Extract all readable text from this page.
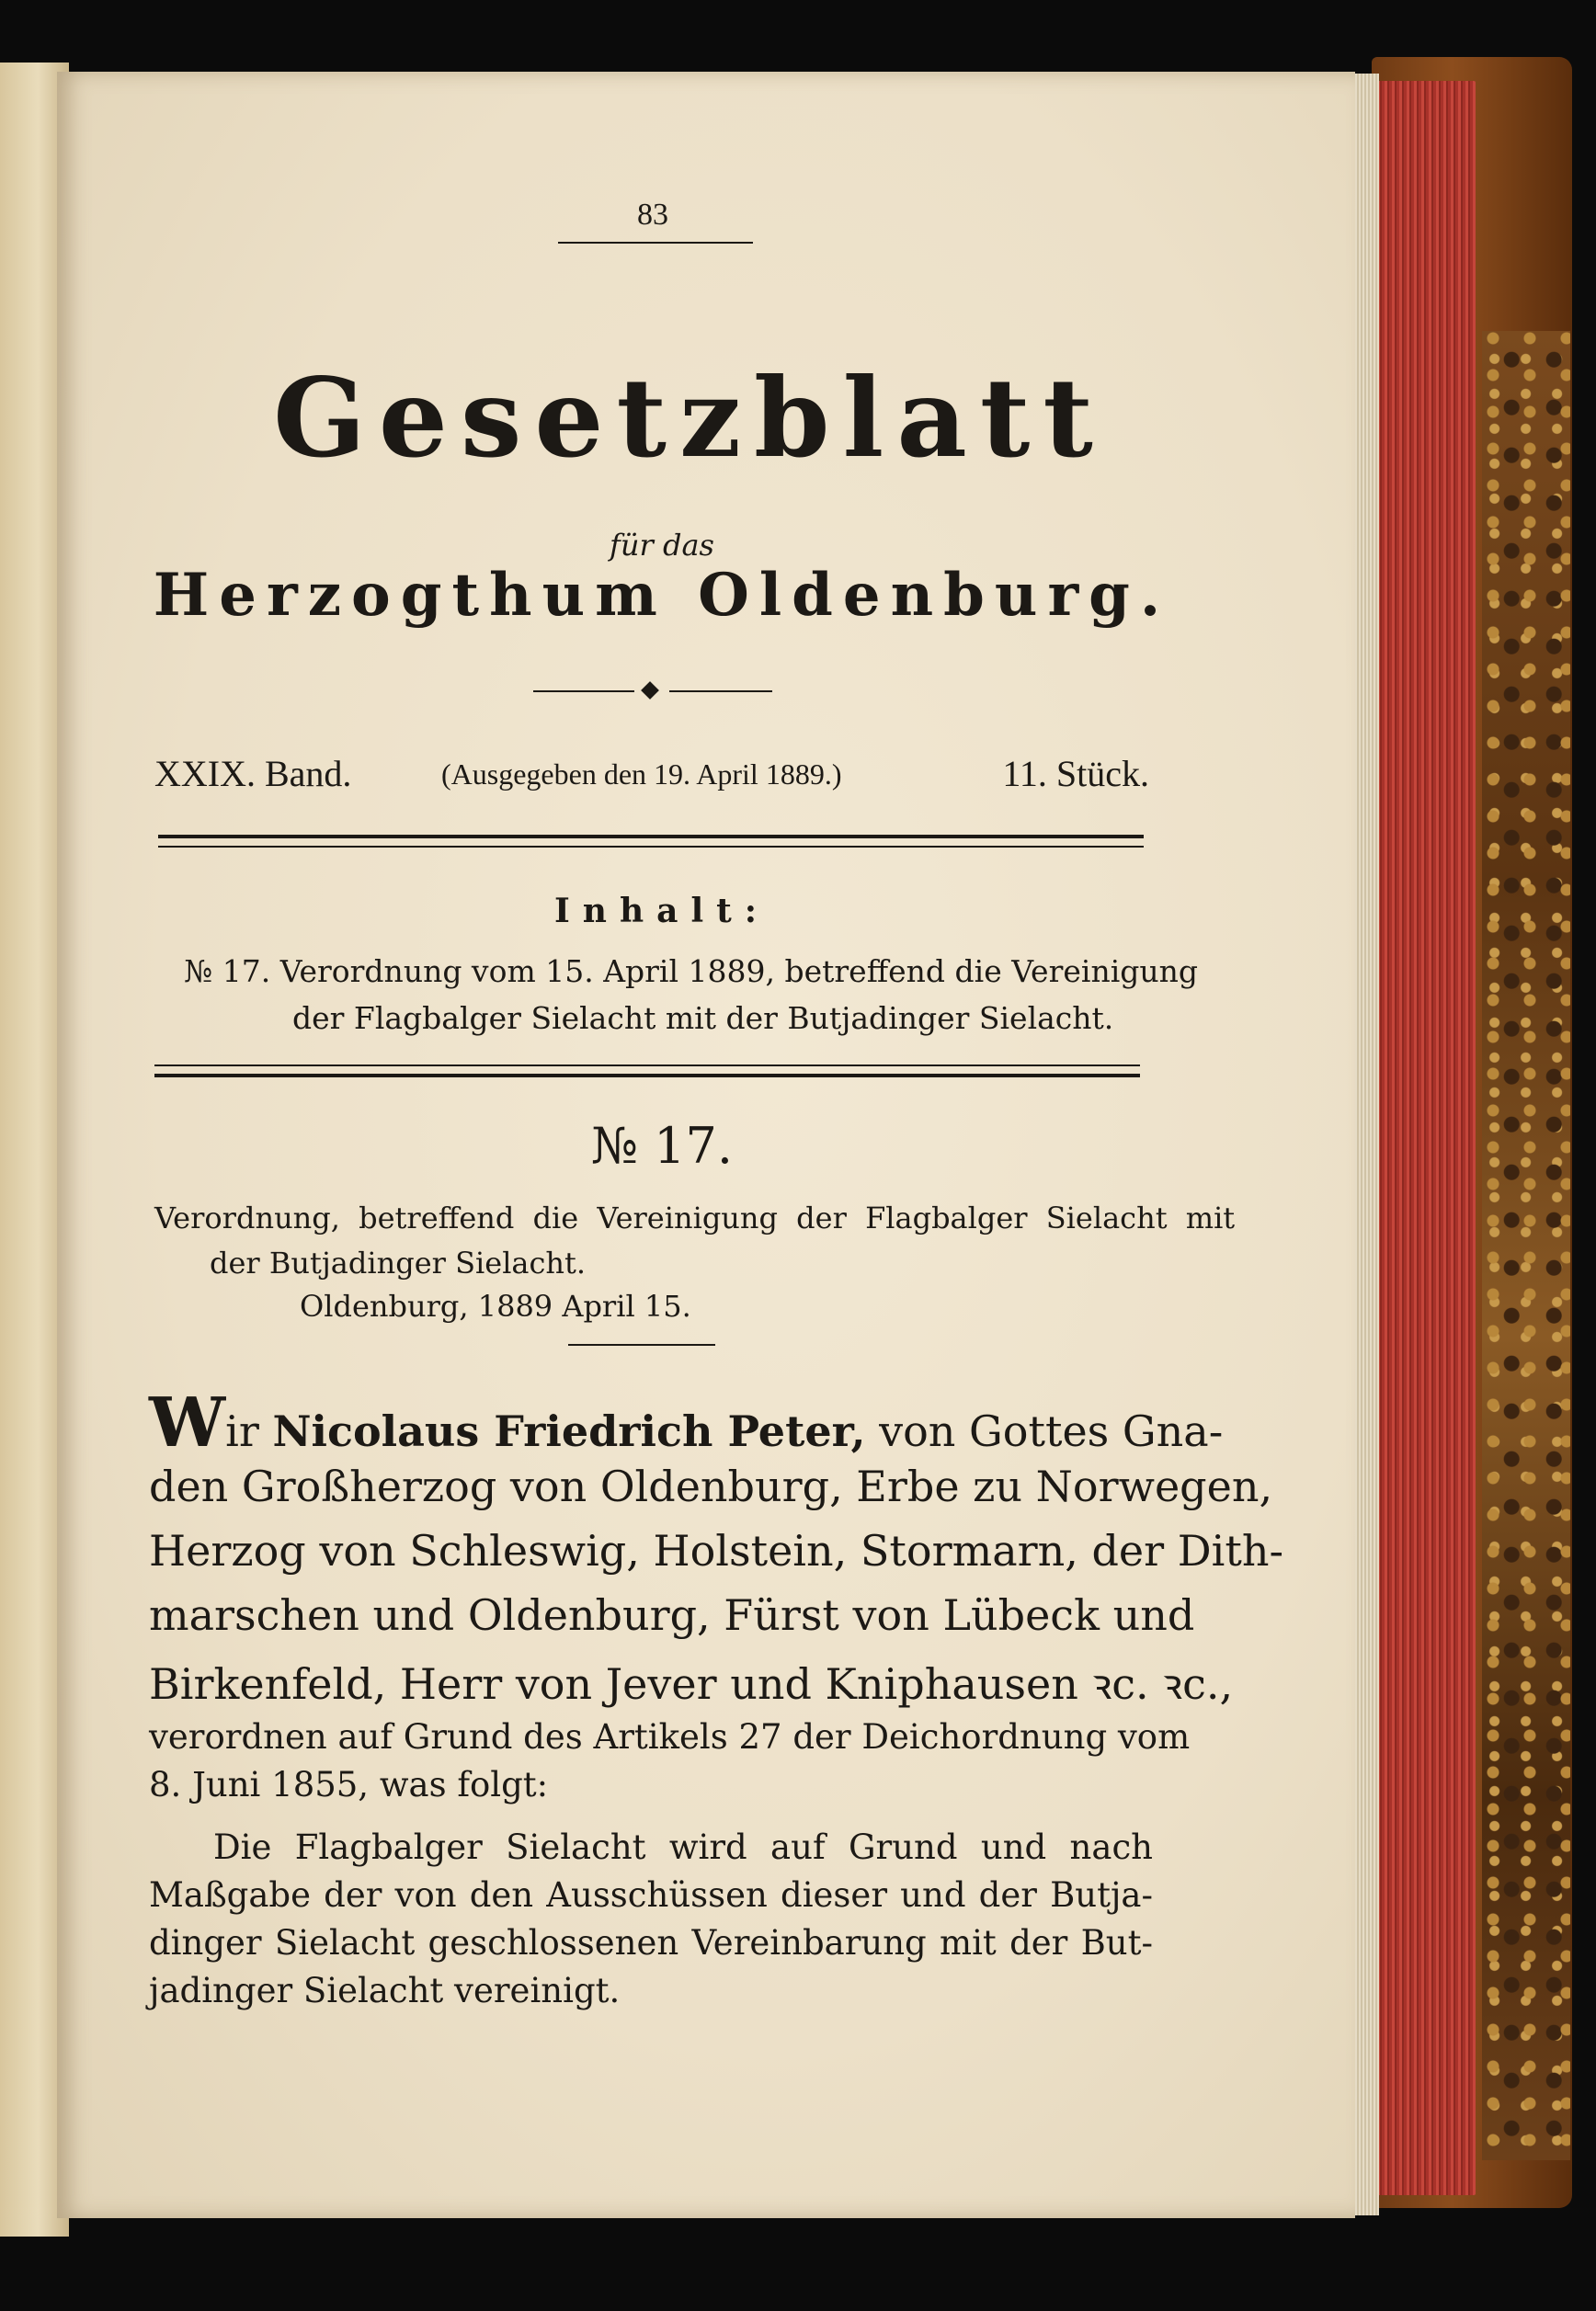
83
Gesetzblatt
für das
Herzogthum Oldenburg.
XXIX. Band.	(Ausgegeben den 19. April 1889.)	11. Stück.
Inhalt:
№ 17. Verordnung vom 15. April 1889, betreffend die Vereinigung
der Flagbalger Sielacht mit der Butjadinger Sielacht.
№ 17.
Verordnung, betreffend die Vereinigung der Flagbalger Sielacht mit
der Butjadinger Sielacht.
Oldenburg, 1889 April 15.
Wir Nicolaus Friedrich Peter, von Gottes Gna-
den Großherzog von Oldenburg, Erbe zu Norwegen,
Herzog von Schleswig, Holstein, Stormarn, der Dith-
marschen und Oldenburg, Fürst von Lübeck und
Birkenfeld, Herr von Jever und Kniphausen ꝛc. ꝛc.,
verordnen auf Grund des Artikels 27 der Deichordnung vom
8. Juni 1855, was folgt:
Die Flagbalger Sielacht wird auf Grund und nach
Maßgabe der von den Ausschüssen dieser und der Butja-
dinger Sielacht geschlossenen Vereinbarung mit der But-
jadinger Sielacht vereinigt.
